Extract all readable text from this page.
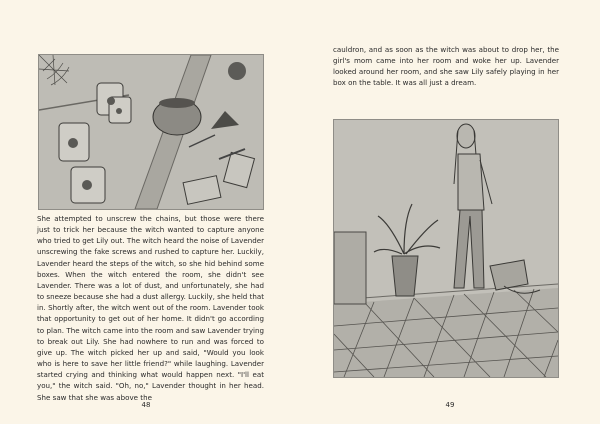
She attempted to unscrew the chains, but those were there just to trick her because the witch wanted to capture anyone who tried to get Lily out. The witch heard the noise of Lavender unscrewing the fake screws and rushed to capture her. Luckily, Lavender heard the steps of the witch, so she hid behind some boxes. When the witch entered the room, she didn't see Lavender. There was a lot of dust, and unfortunately, she had to sneeze because she had a dust allergy. Luckily, she held that in. Shortly after, the witch went out of the room. Lavender took that opportunity to get out of her home. It didn't go according to plan. The witch came into the room and saw Lavender trying to break out Lily. She had nowhere to run and was forced to give up. The witch picked her up and said, "Would you look who is here to save her little friend?" while laughing. Lavender started crying and thinking what would happen next. "I'll eat you," the witch said. "Oh, no," Lavender thought in her head. She saw that she was above the

48

cauldron, and as soon as the witch was about to drop her, the girl's mom came into her room and woke her up. Lavender looked around her room, and she saw Lily safely playing in her box on the table. It was all just a dream.

49
